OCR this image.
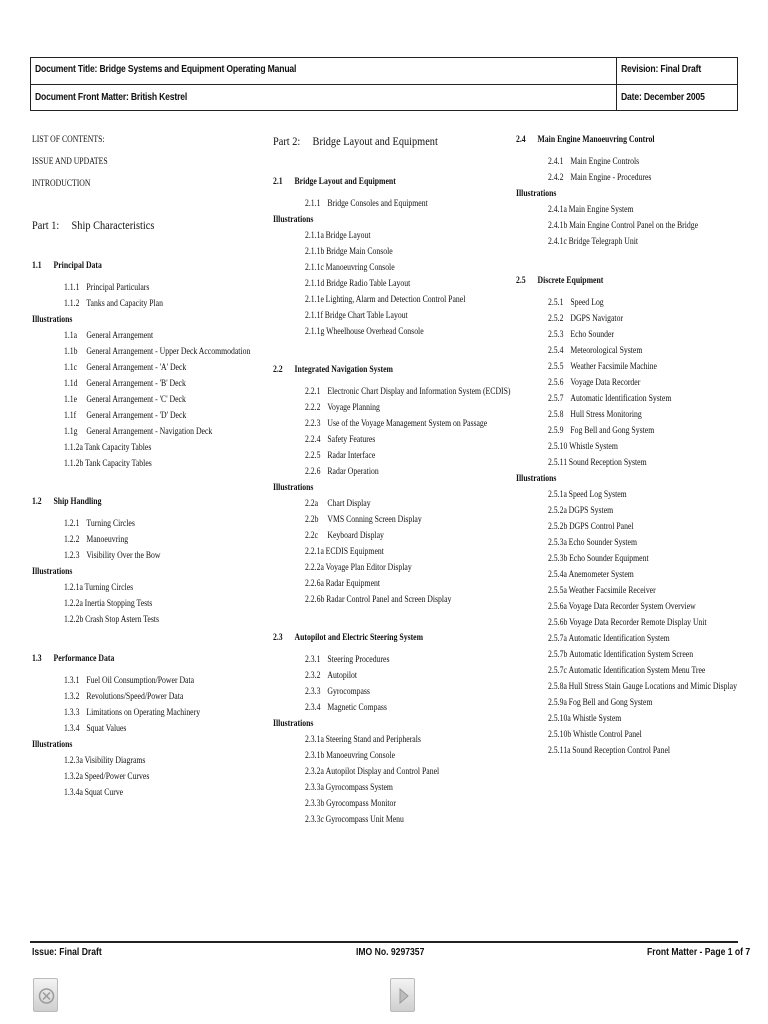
Document Title: Bridge Systems and Equipment Operating Manual
Document Front Matter: British Kestrel
Revision: Final Draft
Date: December 2005
LIST OF CONTENTS:
ISSUE AND UPDATES
INTRODUCTION
Part 1: Ship Characteristics
1.1 Principal Data
1.1.1 Principal Particulars
1.1.2 Tanks and Capacity Plan
Illustrations
1.1a General Arrangement
1.1b General Arrangement - Upper Deck Accommodation
1.1c General Arrangement - 'A' Deck
1.1d General Arrangement - 'B' Deck
1.1e General Arrangement - 'C' Deck
1.1f General Arrangement - 'D' Deck
1.1g General Arrangement - Navigation Deck
1.1.2a Tank Capacity Tables
1.1.2b Tank Capacity Tables
1.2 Ship Handling
1.2.1 Turning Circles
1.2.2 Manoeuvring
1.2.3 Visibility Over the Bow
Illustrations
1.2.1a Turning Circles
1.2.2a Inertia Stopping Tests
1.2.2b Crash Stop Astern Tests
1.3 Performance Data
1.3.1 Fuel Oil Consumption/Power Data
1.3.2 Revolutions/Speed/Power Data
1.3.3 Limitations on Operating Machinery
1.3.4 Squat Values
Illustrations
1.2.3a Visibility Diagrams
1.3.2a Speed/Power Curves
1.3.4a Squat Curve
Part 2: Bridge Layout and Equipment
2.1 Bridge Layout and Equipment
2.1.1 Bridge Consoles and Equipment
Illustrations
2.1.1a Bridge Layout
2.1.1b Bridge Main Console
2.1.1c Manoeuvring Console
2.1.1d Bridge Radio Table Layout
2.1.1e Lighting, Alarm and Detection Control Panel
2.1.1f Bridge Chart Table Layout
2.1.1g Wheelhouse Overhead Console
2.2 Integrated Navigation System
2.2.1 Electronic Chart Display and Information System (ECDIS)
2.2.2 Voyage Planning
2.2.3 Use of the Voyage Management System on Passage
2.2.4 Safety Features
2.2.5 Radar Interface
2.2.6 Radar Operation
Illustrations
2.2a Chart Display
2.2b VMS Conning Screen Display
2.2c Keyboard Display
2.2.1a ECDIS Equipment
2.2.2a Voyage Plan Editor Display
2.2.6a Radar Equipment
2.2.6b Radar Control Panel and Screen Display
2.3 Autopilot and Electric Steering System
2.3.1 Steering Procedures
2.3.2 Autopilot
2.3.3 Gyrocompass
2.3.4 Magnetic Compass
Illustrations
2.3.1a Steering Stand and Peripherals
2.3.1b Manoeuvring Console
2.3.2a Autopilot Display and Control Panel
2.3.3a Gyrocompass System
2.3.3b Gyrocompass Monitor
2.3.3c Gyrocompass Unit Menu
2.4 Main Engine Manoeuvring Control
2.4.1 Main Engine Controls
2.4.2 Main Engine - Procedures
Illustrations
2.4.1a Main Engine System
2.4.1b Main Engine Control Panel on the Bridge
2.4.1c Bridge Telegraph Unit
2.5 Discrete Equipment
2.5.1 Speed Log
2.5.2 DGPS Navigator
2.5.3 Echo Sounder
2.5.4 Meteorological System
2.5.5 Weather Facsimile Machine
2.5.6 Voyage Data Recorder
2.5.7 Automatic Identification System
2.5.8 Hull Stress Monitoring
2.5.9 Fog Bell and Gong System
2.5.10 Whistle System
2.5.11 Sound Reception System
Illustrations
2.5.1a Speed Log System
2.5.2a DGPS System
2.5.2b DGPS Control Panel
2.5.3a Echo Sounder System
2.5.3b Echo Sounder Equipment
2.5.4a Anemometer System
2.5.5a Weather Facsimile Receiver
2.5.6a Voyage Data Recorder System Overview
2.5.6b Voyage Data Recorder Remote Display Unit
2.5.7a Automatic Identification System
2.5.7b Automatic Identification System Screen
2.5.7c Automatic Identification System Menu Tree
2.5.8a Hull Stress Stain Gauge Locations and Mimic Display
2.5.9a Fog Bell and Gong System
2.5.10a Whistle System
2.5.10b Whistle Control Panel
2.5.11a Sound Reception Control Panel
Issue: Final Draft	IMO No. 9297357	Front Matter - Page 1 of 7
